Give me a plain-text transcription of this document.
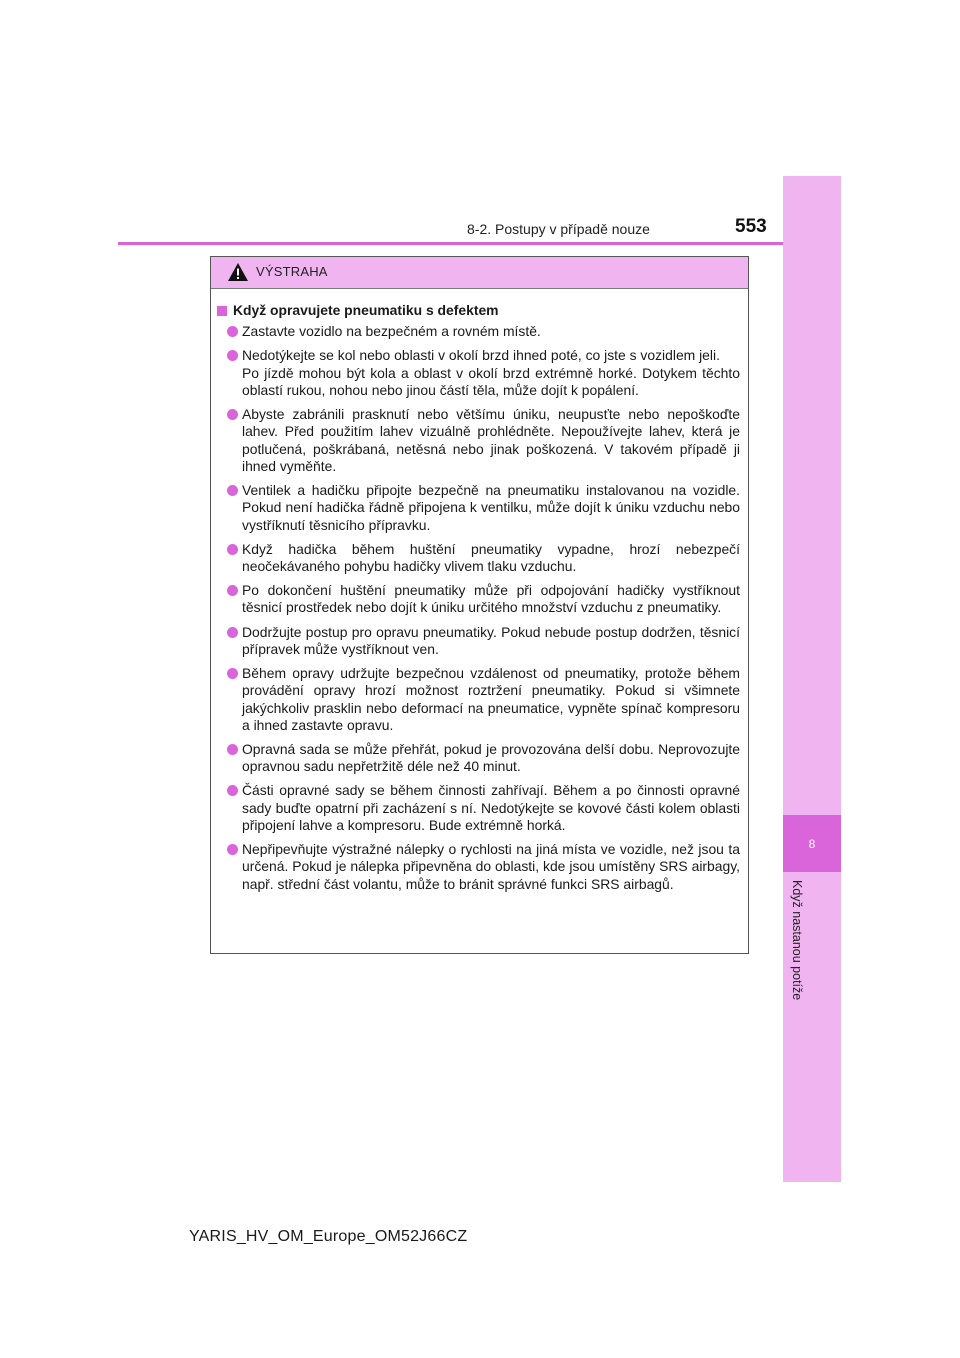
8
Když nastanou potíže
8-2. Postupy v případě nouze	553
VÝSTRAHA
Když opravujete pneumatiku s defektem

Zastavte vozidlo na bezpečném a rovném místě.

Nedotýkejte se kol nebo oblasti v okolí brzd ihned poté, co jste s vozidlem jeli.

Po jízdě mohou být kola a oblast v okolí brzd extrémně horké. Dotykem těchto oblastí rukou, nohou nebo jinou částí těla, může dojít k popálení.

Abyste zabránili prasknutí nebo většímu úniku, neupusťte nebo nepoškoďte lahev. Před použitím lahev vizuálně prohlédněte. Nepoužívejte lahev, která je potlučená, poškrábaná, netěsná nebo jinak poškozená. V takovém případě ji ihned vyměňte.

Ventilek a hadičku připojte bezpečně na pneumatiku instalovanou na vozidle. Pokud není hadička řádně připojena k ventilku, může dojít k úniku vzduchu nebo vystříknutí těsnicího přípravku.

Když hadička během huštění pneumatiky vypadne, hrozí nebezpečí neočekávaného pohybu hadičky vlivem tlaku vzduchu.

Po dokončení huštění pneumatiky může při odpojování hadičky vystříknout těsnicí prostředek nebo dojít k úniku určitého množství vzduchu z pneumatiky.

Dodržujte postup pro opravu pneumatiky. Pokud nebude postup dodržen, těsnicí přípravek může vystříknout ven.

Během opravy udržujte bezpečnou vzdálenost od pneumatiky, protože během provádění opravy hrozí možnost roztržení pneumatiky. Pokud si všimnete jakýchkoliv prasklin nebo deformací na pneumatice, vypněte spínač kompresoru a ihned zastavte opravu.

Opravná sada se může přehřát, pokud je provozována delší dobu. Neprovozujte opravnou sadu nepřetržitě déle než 40 minut.

Části opravné sady se během činnosti zahřívají. Během a po činnosti opravné sady buďte opatrní při zacházení s ní. Nedotýkejte se kovové části kolem oblasti připojení lahve a kompresoru. Bude extrémně horká.

Nepřipevňujte výstražné nálepky o rychlosti na jiná místa ve vozidle, než jsou ta určená. Pokud je nálepka připevněna do oblasti, kde jsou umístěny SRS airbagy, např. střední část volantu, může to bránit správné funkci SRS airbagů.

YARIS_HV_OM_Europe_OM52J66CZ
